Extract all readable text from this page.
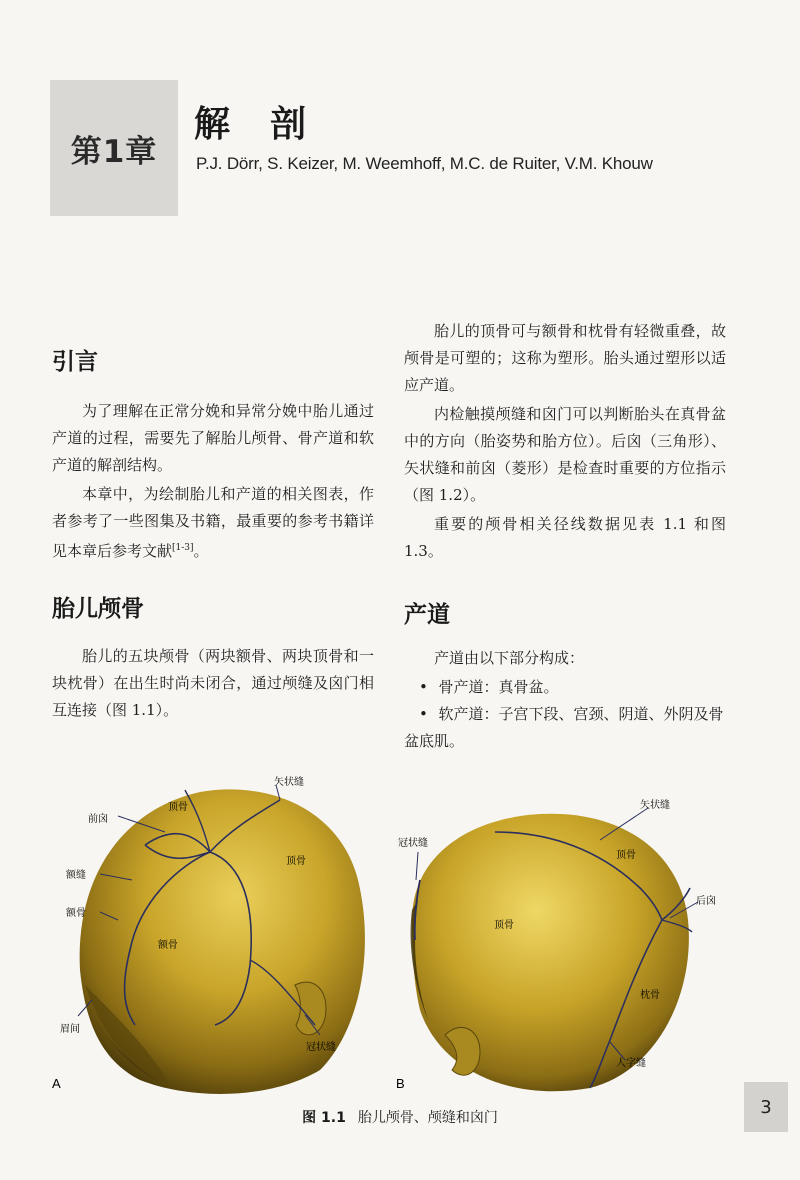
第1章
解剖
P.J. Dörr, S. Keizer, M. Weemhoff, M.C. de Ruiter, V.M. Khouw
引言

为了理解在正常分娩和异常分娩中胎儿通过产道的过程，需要先了解胎儿颅骨、骨产道和软产道的解剖结构。

本章中，为绘制胎儿和产道的相关图表，作者参考了一些图集及书籍，最重要的参考书籍详见本章后参考文献[1-3]。

胎儿颅骨

胎儿的五块颅骨（两块额骨、两块顶骨和一块枕骨）在出生时尚未闭合，通过颅缝及囟门相互连接（图 1.1）。

胎儿的顶骨可与额骨和枕骨有轻微重叠，故颅骨是可塑的；这称为塑形。胎头通过塑形以适应产道。

内检触摸颅缝和囟门可以判断胎头在真骨盆中的方向（胎姿势和胎方位）。后囟（三角形）、矢状缝和前囟（菱形）是检查时重要的方位指示（图 1.2）。

重要的颅骨相关径线数据见表 1.1 和图 1.3。

产道

产道由以下部分构成：

• 骨产道：真骨盆。
• 软产道：子宫下段、宫颈、阴道、外阴及骨盆底肌。
矢状缝
前囟
顶骨
顶骨
额缝
额骨
额骨
眉间
冠状缝
A
冠状缝
矢状缝
顶骨
顶骨
后囟
枕骨
人字缝
B
图 1.1 胎儿颅骨、颅缝和囟门
3
